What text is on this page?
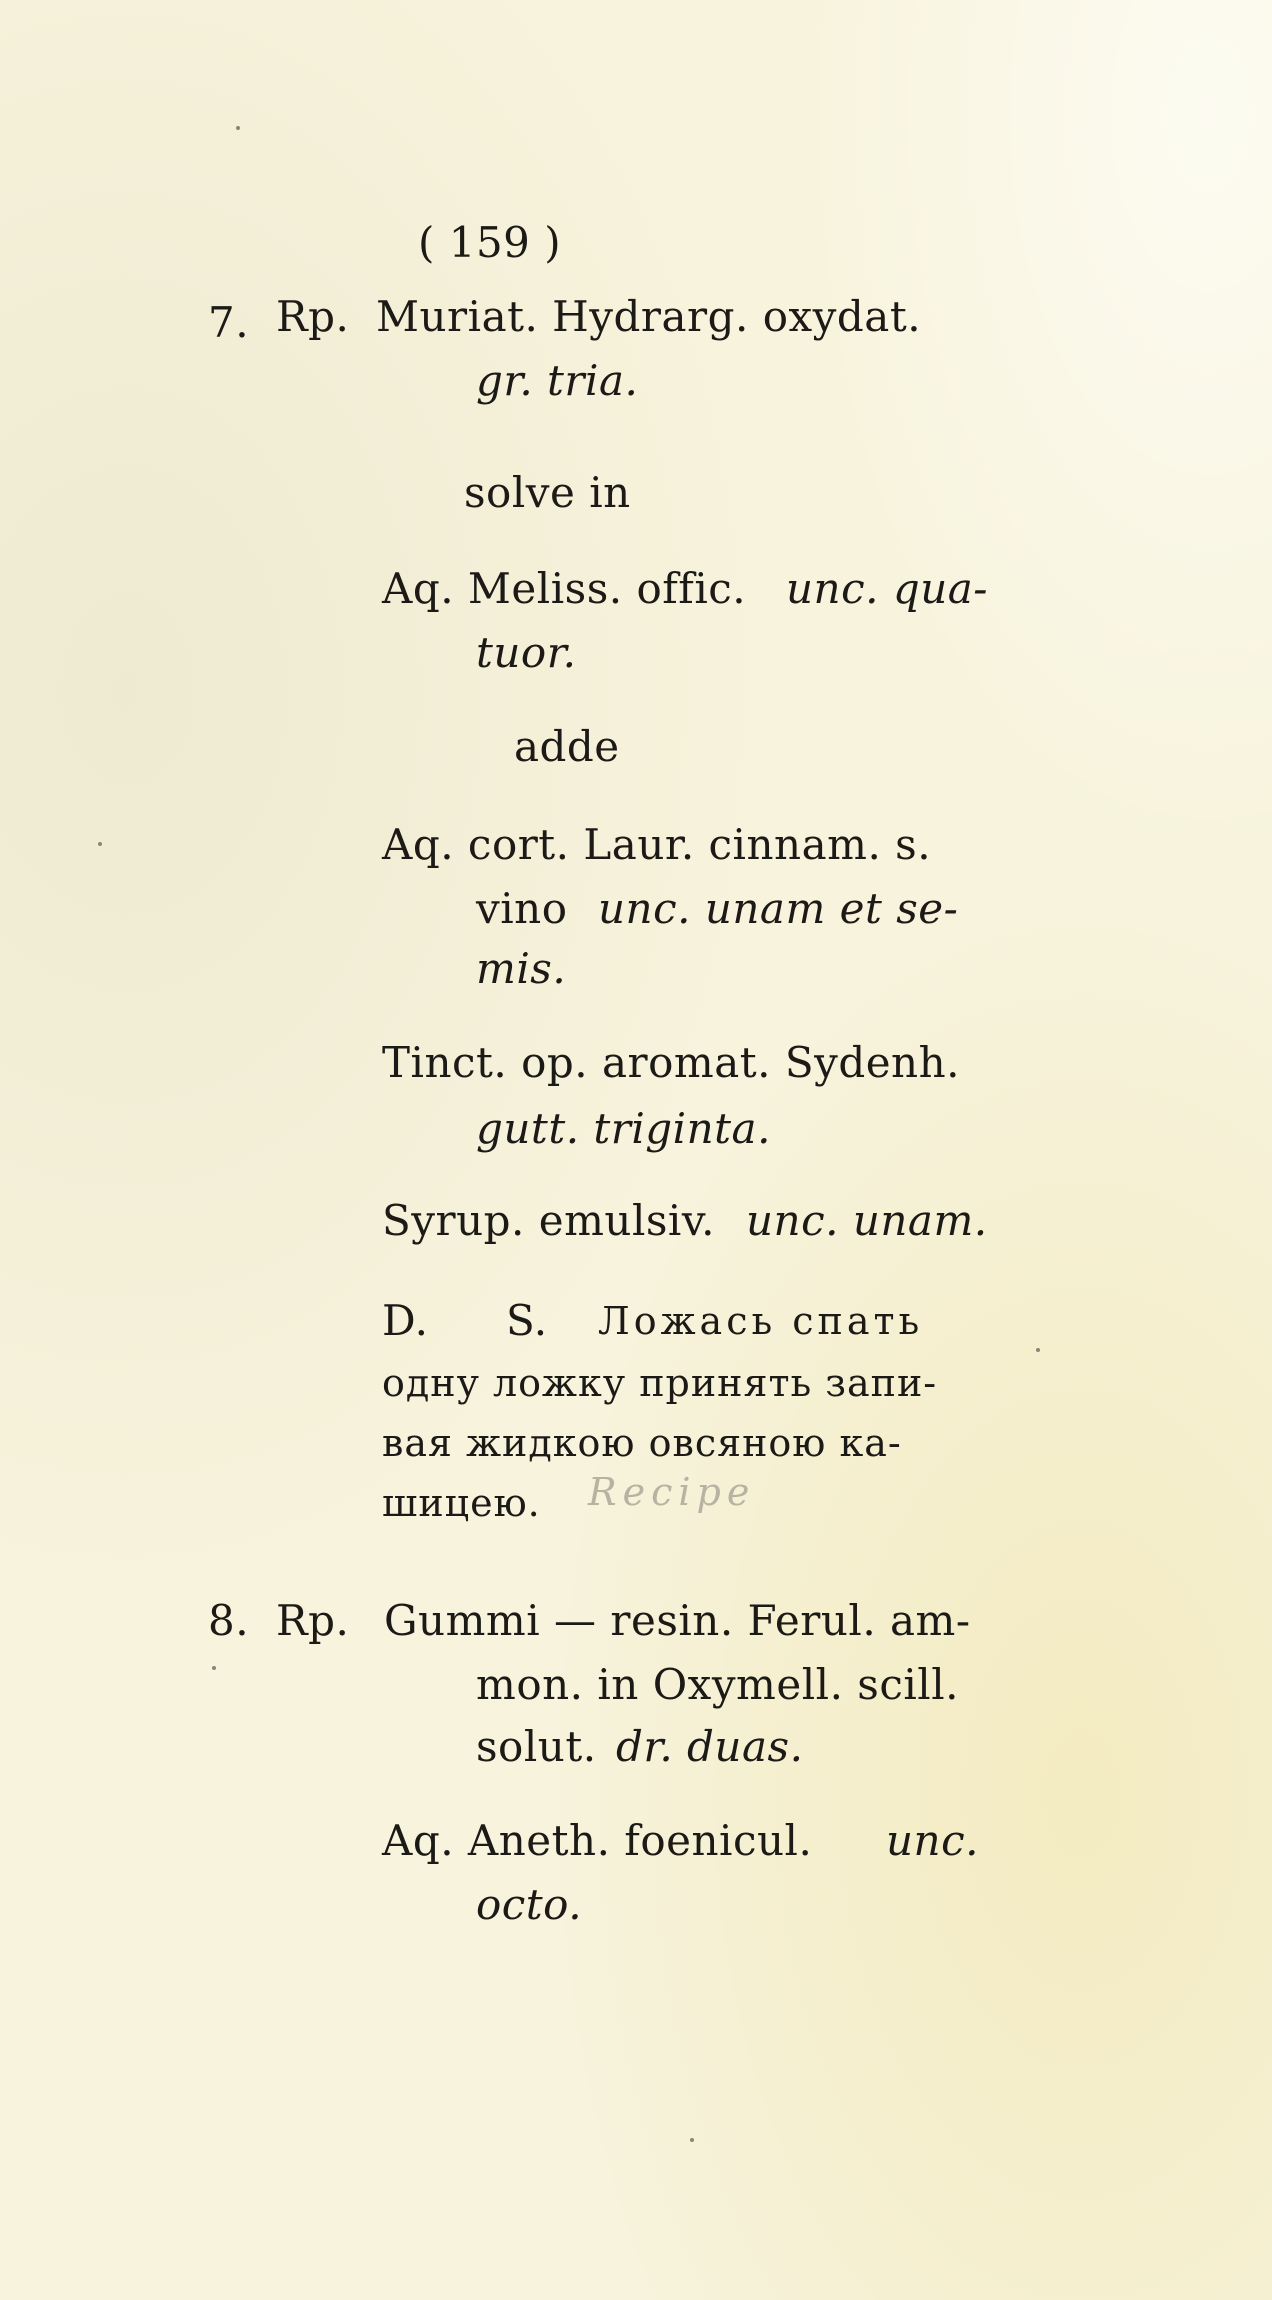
( 159 )
7. Rp. Muriat. Hydrarg. oxydat.
gr. tria.
solve in
Aq. Meliss. offic. unc. qua-
tuor.
adde
Aq. cort. Laur. cinnam. s.
vino unc. unam et se-
mis.
Tinct. op. aromat. Sydenh.
gutt. triginta.
Syrup. emulsiv. unc. unam.
D. S. Ложась спать
одну ложку принять запи-
вая жидкою овсяною ка-
шицею. Recipe
8. Rp. Gummi — resin. Ferul. am-
mon. in Oxymell. scill.
solut. dr. duas.
Aq. Aneth. foenicul. unc.
octo.
